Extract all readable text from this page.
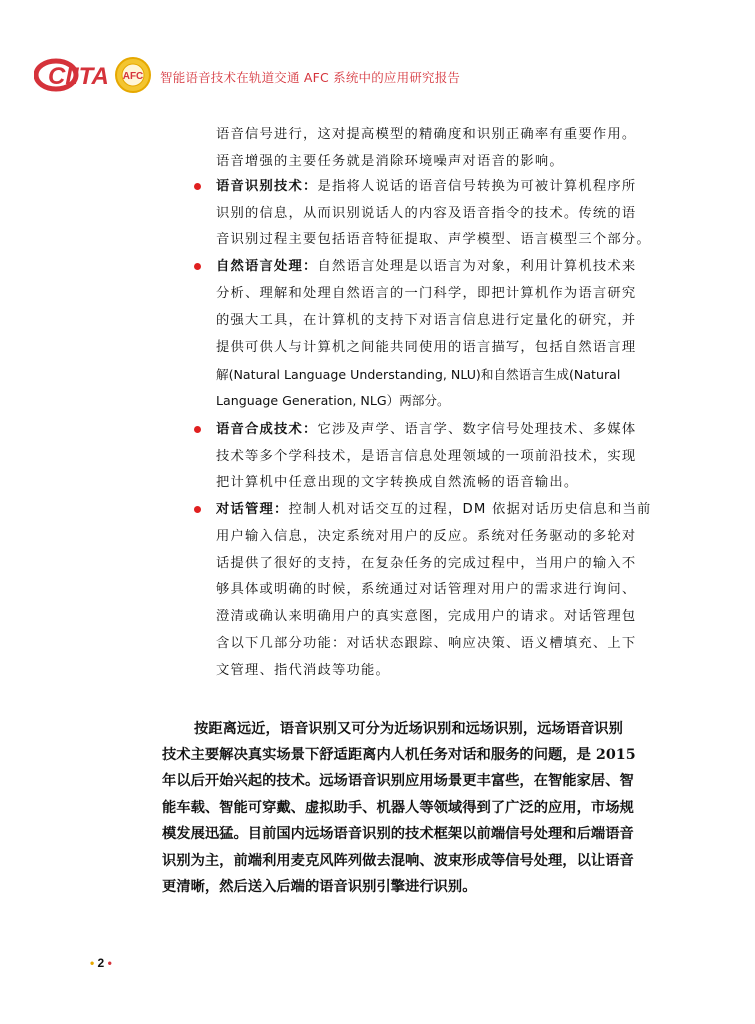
CIITA AFC 智能语音技术在轨道交通 AFC 系统中的应用研究报告
语音信号进行，这对提高模型的精确度和识别正确率有重要作用。
语音增强的主要任务就是消除环境噪声对语音的影响。
语音识别技术：是指将人说话的语音信号转换为可被计算机程序所
识别的信息，从而识别说话人的内容及语音指令的技术。传统的语
音识别过程主要包括语音特征提取、声学模型、语言模型三个部分。
自然语言处理：自然语言处理是以语言为对象，利用计算机技术来
分析、理解和处理自然语言的一门科学，即把计算机作为语言研究
的强大工具，在计算机的支持下对语言信息进行定量化的研究，并
提供可供人与计算机之间能共同使用的语言描写，包括自然语言理
解(Natural Language Understanding, NLU)和自然语言生成(Natural
Language Generation, NLG）两部分。
语音合成技术：它涉及声学、语言学、数字信号处理技术、多媒体
技术等多个学科技术，是语言信息处理领域的一项前沿技术，实现
把计算机中任意出现的文字转换成自然流畅的语音输出。
对话管理：控制人机对话交互的过程，DM 依据对话历史信息和当前
用户输入信息，决定系统对用户的反应。系统对任务驱动的多轮对
话提供了很好的支持，在复杂任务的完成过程中，当用户的输入不
够具体或明确的时候，系统通过对话管理对用户的需求进行询问、
澄清或确认来明确用户的真实意图，完成用户的请求。对话管理包
含以下几部分功能：对话状态跟踪、响应决策、语义槽填充、上下
文管理、指代消歧等功能。
按距离远近，语音识别又可分为近场识别和远场识别，远场语音识别
技术主要解决真实场景下舒适距离内人机任务对话和服务的问题，是 2015
年以后开始兴起的技术。远场语音识别应用场景更丰富些，在智能家居、智
能车载、智能可穿戴、虚拟助手、机器人等领域得到了广泛的应用，市场规
模发展迅猛。目前国内远场语音识别的技术框架以前端信号处理和后端语音
识别为主，前端利用麦克风阵列做去混响、波束形成等信号处理，以让语音
更清晰，然后送入后端的语音识别引擎进行识别。
• 2 •
